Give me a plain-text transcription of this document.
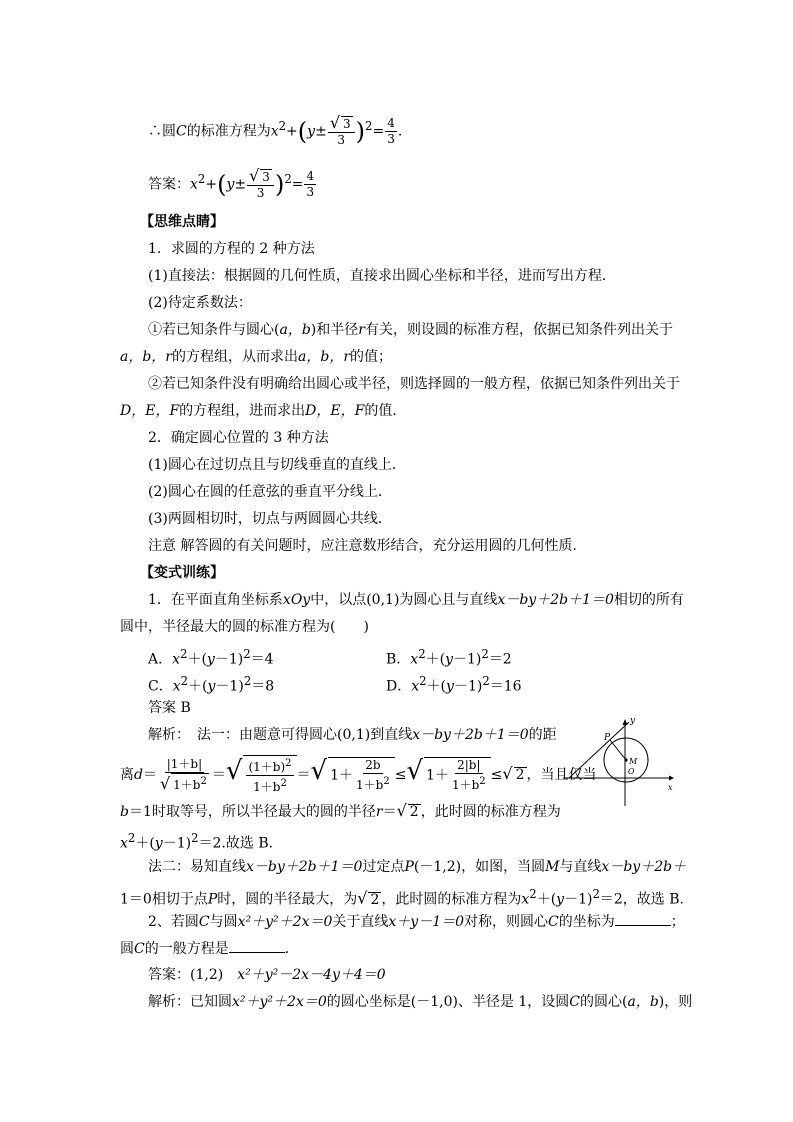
∴圆C的标准方程为$x^2+(y\pm \frac{√ 3}{3} )^2= \frac{4}{3}$ .
答案：$x^2+(y\pm \frac{√ 3}{3} )^2= \frac{4}{3}$
【思维点睛】
1．求圆的方程的 2 种方法
(1)直接法：根据圆的几何性质，直接求出圆心坐标和半径，进而写出方程．
(2)待定系数法：
①若已知条件与圆心(a，b)和半径r有关，则设圆的标准方程，依据已知条件列出关于
a，b，r的方程组，从而求出a，b，r的值；
②若已知条件没有明确给出圆心或半径，则选择圆的一般方程，依据已知条件列出关于
D，E，F的方程组，进而求出D，E，F的值．
2．确定圆心位置的 3 种方法
(1)圆心在过切点且与切线垂直的直线上．
(2)圆心在圆的任意弦的垂直平分线上．
(3)两圆相切时，切点与两圆圆心共线．
注意 解答圆的有关问题时，应注意数形结合，充分运用圆的几何性质．
【变式训练】
1．在平面直角坐标系xOy中，以点(0,1)为圆心且与直线x－by＋2b＋1＝0相切的所有
圆中，半径最大的圆的标准方程为(　　)
A．$x^2+(y-1)^2=4$	B．$x^2+(y-1)^2=2$
C．$x^2+(y-1)^2=8$	D．$x^2+(y-1)^2=16$
答案 B
解析：　法一：由题意可得圆心(0,1)到直线x－by＋2b＋1＝0的距
离$d= \frac{|1+b|}{√ 1+b^2}$ ＝√ $\frac{(1+b)^2}{1+b^2}$ ＝√ $1+ \frac{2b}{1+b^2}$ ≤√ $1+ \frac{2|b|}{1+b^2}$ ≤√ 2 ，当且仅当
b＝1时取等号，所以半径最大的圆的半径r＝√ 2 ，此时圆的标准方程为
$x^2+(y-1)^2=2$.故选 B.
法二：易知直线x－by＋2b＋1＝0过定点P(－1,2)，如图，当圆M与直线x－by＋2b＋
1＝0相切于点P时，圆的半径最大，为√ 2 ，此时圆的标准方程为$x^2+(y-1)^2=2$，故选 B.
2、若圆C与圆x²＋y²＋2x＝0关于直线x＋y－1＝0对称，则圆心C的坐标为	；
圆C的一般方程是	．
答案：(1,2)　x²＋y²－2x－4y＋4＝0
解析：已知圆x²＋y²＋2x＝0的圆心坐标是(－1,0)、半径是 1，设圆C的圆心(a，b)，则
y
P
M
O
x
